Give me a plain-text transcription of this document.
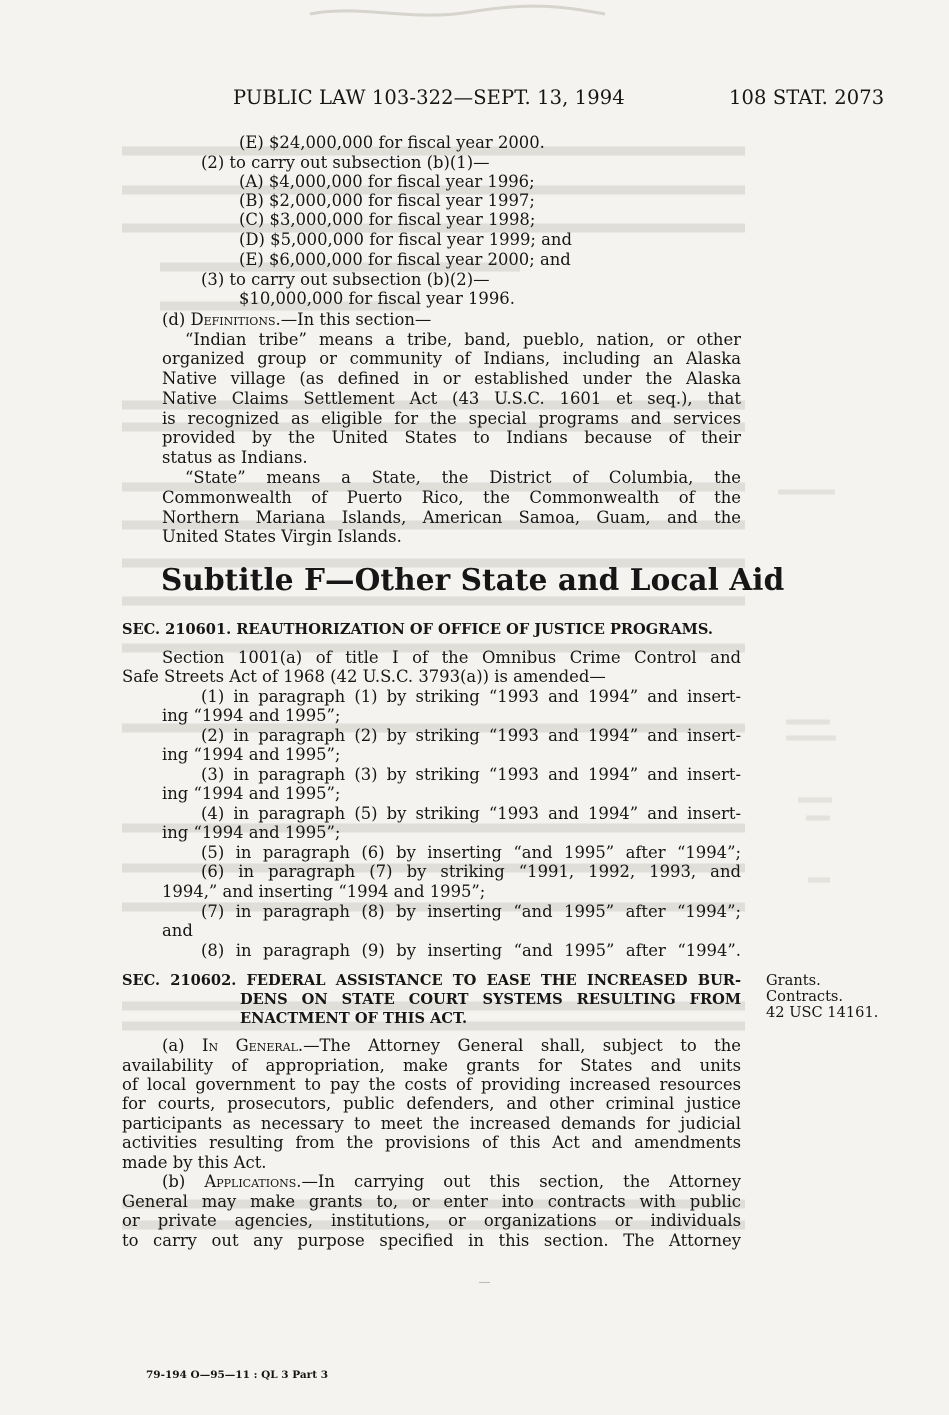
PUBLIC LAW 103-322—SEPT. 13, 1994	108 STAT. 2073
(E) $24,000,000 for fiscal year 2000.
(2) to carry out subsection (b)(1)—
(A) $4,000,000 for fiscal year 1996;
(B) $2,000,000 for fiscal year 1997;
(C) $3,000,000 for fiscal year 1998;
(D) $5,000,000 for fiscal year 1999; and
(E) $6,000,000 for fiscal year 2000; and
(3) to carry out subsection (b)(2)—
$10,000,000 for fiscal year 1996.
(d) Definitions.—In this section—
“Indian tribe” means a tribe, band, pueblo, nation, or other
organized group or community of Indians, including an Alaska
Native village (as defined in or established under the Alaska
Native Claims Settlement Act (43 U.S.C. 1601 et seq.), that
is recognized as eligible for the special programs and services
provided by the United States to Indians because of their
status as Indians.
“State” means a State, the District of Columbia, the
Commonwealth of Puerto Rico, the Commonwealth of the
Northern Mariana Islands, American Samoa, Guam, and the
United States Virgin Islands.
Subtitle F—Other State and Local Aid
SEC. 210601. REAUTHORIZATION OF OFFICE OF JUSTICE PROGRAMS.
Section 1001(a) of title I of the Omnibus Crime Control and
Safe Streets Act of 1968 (42 U.S.C. 3793(a)) is amended—
(1) in paragraph (1) by striking “1993 and 1994” and insert-
ing “1994 and 1995”;
(2) in paragraph (2) by striking “1993 and 1994” and insert-
ing “1994 and 1995”;
(3) in paragraph (3) by striking “1993 and 1994” and insert-
ing “1994 and 1995”;
(4) in paragraph (5) by striking “1993 and 1994” and insert-
ing “1994 and 1995”;
(5) in paragraph (6) by inserting “and 1995” after “1994”;
(6) in paragraph (7) by striking “1991, 1992, 1993, and
1994,” and inserting “1994 and 1995”;
(7) in paragraph (8) by inserting “and 1995” after “1994”;
and
(8) in paragraph (9) by inserting “and 1995” after “1994”.
SEC. 210602. FEDERAL ASSISTANCE TO EASE THE INCREASED BUR-
DENS ON STATE COURT SYSTEMS RESULTING FROM
ENACTMENT OF THIS ACT.
Grants.
Contracts.
42 USC 14161.
(a) In General.—The Attorney General shall, subject to the
availability of appropriation, make grants for States and units
of local government to pay the costs of providing increased resources
for courts, prosecutors, public defenders, and other criminal justice
participants as necessary to meet the increased demands for judicial
activities resulting from the provisions of this Act and amendments
made by this Act.
(b) Applications.—In carrying out this section, the Attorney
General may make grants to, or enter into contracts with public
or private agencies, institutions, or organizations or individuals
to carry out any purpose specified in this section. The Attorney
79-194 O—95—11 : QL 3 Part 3
